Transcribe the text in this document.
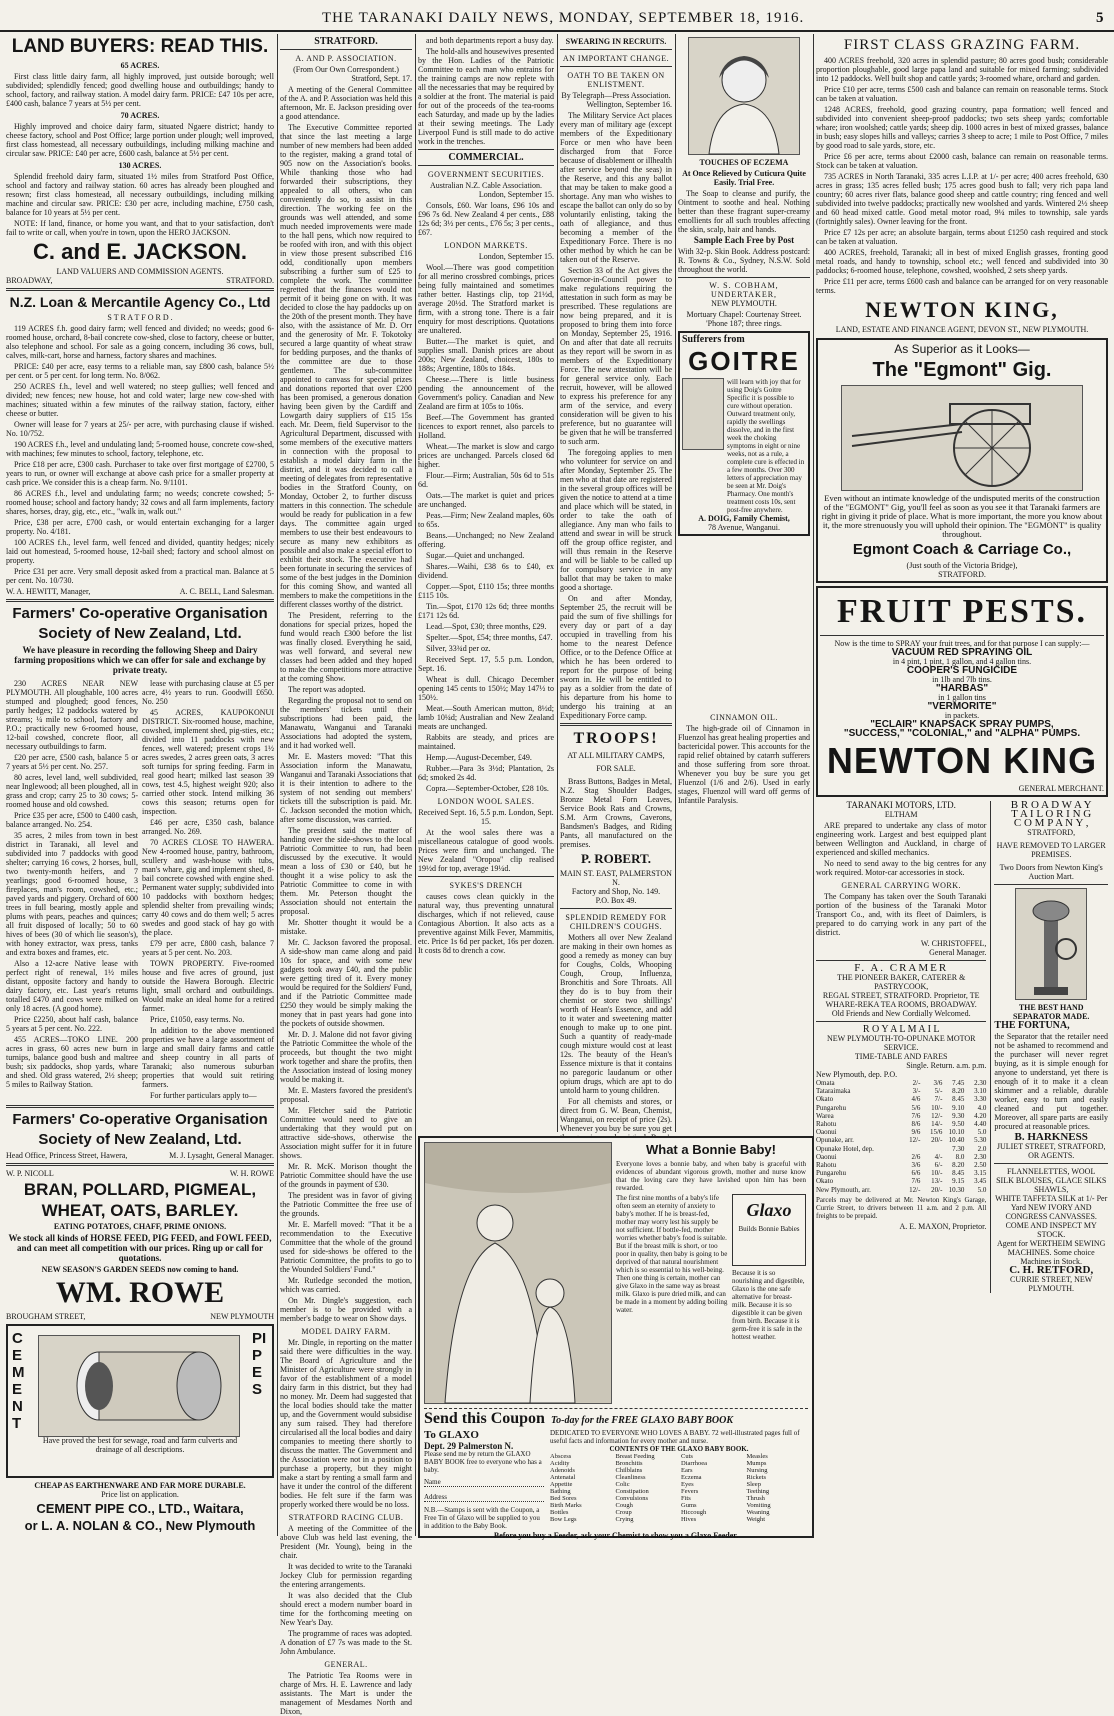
THE TARANAKI DAILY NEWS, MONDAY, SEPTEMBER 18, 1916.	5
LAND BUYERS: READ THIS.
65 ACRES.
First class little dairy farm, all highly improved, just outside borough; well subdivided; splendidly fenced; good dwelling house and outbuildings; handy to school, factory, and railway station. A model dairy farm. PRICE: £47 10s per acre, £400 cash, balance 7 years at 5½ per cent.
70 ACRES.
Highly improved and choice dairy farm, situated Ngaere district; handy to cheese factory, school and Post Office; large portion under plough; well improved, first class homestead, all necessary outbuildings, including milking machine and circular saw. PRICE: £40 per acre, £600 cash, balance at 5½ per cent.
130 ACRES.
Splendid freehold dairy farm, situated 1½ miles from Stratford Post Office, school and factory and railway station. 60 acres has already been ploughed and resown; first class homestead, all necessary outbuildings, including milking machine and circular saw. PRICE: £30 per acre, including machine, £750 cash, balance for 10 years at 5½ per cent.
NOTE: If land, finance, or home you want, and that to your satisfaction, don't fail to write or call, when you're in town, upon the HERO JACKSON.
C. and E. JACKSON.
LAND VALUERS AND COMMISSION AGENTS.
BROADWAY,	STRATFORD.
N.Z. Loan & Mercantile Agency Co., Ltd
S T R A T F O R D .
119 ACRES f.h. good dairy farm; well fenced and divided; no weeds; good 6-roomed house, orchard, 8-bail concrete cow-shed, close to factory, cheese or butter, also telephone and school. For sale as a going concern, including 36 cows, bull, calves, milk-cart, horse and harness, factory shares and machines.
PRICE: £40 per acre, easy terms to a reliable man, say £800 cash, balance 5½ per cent. or 5 per cent. for long term. No. 8/062.
250 ACRES f.h., level and well watered; no steep gullies; well fenced and divided; new fences; new house, hot and cold water; large new cow-shed with machines; situated within a few minutes of the railway station, factory, either cheese or butter.
Owner will lease for 7 years at 25/- per acre, with purchasing clause if wished. No. 10/752.
190 ACRES f.h., level and undulating land; 5-roomed house, concrete cow-shed, with machines; few minutes to school, factory, telephone, etc.
Price £18 per acre, £300 cash. Purchaser to take over first mortgage of £2700, 5 years to run, or owner will exchange at above cash price for a smaller property at cash price. We consider this is a cheap farm. No. 9/1101.
86 ACRES f.h., level and undulating farm; no weeds; concrete cowshed; 5-roomed house; school and factory handy; 32 cows and all farm implements, factory shares, horses, dray, gig, etc., etc., "walk in, walk out."
Price, £38 per acre, £700 cash, or would entertain exchanging for a larger property. No. 4/181.
100 ACRES f.h., level farm, well fenced and divided, quantity hedges; nicely laid out homestead, 5-roomed house, 12-bail shed; factory and school almost on property.
Price £31 per acre. Very small deposit asked from a practical man. Balance at 5 per cent. No. 10/730.
W. A. HEWITT, Manager,	A. C. BELL, Land Salesman.
Farmers' Co-operative Organisation
Society of New Zealand, Ltd.
We have pleasure in recording the following Sheep and Dairy farming propositions which we can offer for sale and exchange by private treaty.
230 ACRES NEAR NEW PLYMOUTH. All ploughable, 100 acres stumped and ploughed; good fences, partly hedges; 12 paddocks watered by streams; ¼ mile to school, factory and P.O.; practically new 6-roomed house, 12-bail cowshed, concrete floor, all necessary outbuildings to farm.
£20 per acre, £500 cash, balance 5 or 7 years at 5½ per cent. No. 257.
80 acres, level land, well subdivided, near Inglewood; all been ploughed, all in grass and crop; carry 25 to 30 cows; 5-roomed house and old cowshed.
Price £35 per acre, £500 to £400 cash, balance arranged. No. 254.
35 acres, 2 miles from town in best district in Taranaki, all level and subdivided into 7 paddocks with good shelter; carrying 16 cows, 2 horses, bull, two twenty-month heifers, and 7 yearlings; good 6-roomed house, 3 fireplaces, man's room, cowshed, etc.; paved yards and piggery. Orchard of 600 trees in full bearing, mostly apple and plums with pears, peaches and quinces; all fruit disposed of locally; 50 to 60 hives of bees (30 of which lie season's), with honey extractor, wax press, tanks and extra boxes and frames, etc.
Also a 12-acre Native lease with perfect right of renewal, 1½ miles distant, opposite factory and handy to dairy factory, etc. Last year's returns totalled £470 and cows were milked on only 18 acres. (A good home).
Price £2250, about half cash, balance 5 years at 5 per cent. No. 222.
455 ACRES—TOKO LINE. 200 acres in grass, 60 acres new burn in turnips, balance good bush and maltree bush; six paddocks, shop yards, whare and shed. Old grass watered, 2½ sheep; 5 miles to Railway Station.
lease with purchasing clause at £5 per acre, 4½ years to run. Goodwill £650. No. 250
45 ACRES, KAUPOKONUI DISTRICT. Six-roomed house, machine, cowshed, implement shed, pig-sties, etc.; divided into 11 paddocks with new fences, well watered; present crops 1½ acres swedes, 2 acres green oats, 3 acres soft turnips for spring feeding. Farm in real good heart; milked last season 39 cows, test 4.5, highest weight 920; also carried other stock. Intend milking 36 cows this season; returns open for inspection.
£46 per acre, £350 cash, balance arranged. No. 269.
70 ACRES CLOSE TO HAWERA. New 4-roomed house, pantry, bathroom, scullery and wash-house with tubs, man's whare, gig and implement shed, 8-bail concrete cowshed with engine shed. Permanent water supply; subdivided into 10 paddocks with boxthorn hedges; splendid shelter from prevailing winds; carry 40 cows and do them well; 5 acres swedes and good stack of hay go with the place.
£79 per acre, £800 cash, balance 7 years at 5 per cent. No. 203.
TOWN PROPERTY. Five-roomed house and five acres of ground, just outside the Hawera Borough. Electric light, small orchard and outbuildings. Would make an ideal home for a retired farmer.
Price, £1050, easy terms. No.
In addition to the above mentioned properties we have a large assortment of large and small dairy farms and cattle and sheep country in all parts of Taranaki; also numerous suburban properties that would suit retiring farmers.
For further particulars apply to—
Farmers' Co-operative Organisation
Society of New Zealand, Ltd.
Head Office, Princess Street, Hawera,	M. J. Lysaght, General Manager.
W. P. NICOLL	W. H. ROWE
BRAN, POLLARD, PIGMEAL,
WHEAT, OATS, BARLEY.
EATING POTATOES, CHAFF, PRIME ONIONS.
We stock all kinds of HORSE FEED, PIG FEED, and FOWL FEED, and can meet all competition with our prices. Ring up or call for quotations.
NEW SEASON'S GARDEN SEEDS now coming to hand.
WM. ROWE
BROUGHAM STREET,	NEW PLYMOUTH
CEMENT
PIPES
Have proved the best for sewage, road and farm culverts and drainage of all descriptions.
CHEAP AS EARTHENWARE AND FAR MORE DURABLE.
Price list on application.
CEMENT PIPE CO., LTD., Waitara,
or L. A. NOLAN & CO., New Plymouth
STRATFORD.
A. AND P. ASSOCIATION.
(From Our Own Correspondent.)
Stratford, Sept. 17.
A meeting of the General Committee of the A. and P. Association was held this afternoon, Mr. E. Jackson presiding over a good attendance.
The Executive Committee reported that since the last meeting a large number of new members had been added to the register, making a grand total of 905 now on the Association's books. While thanking those who had forwarded their subscriptions, they appealed to all others, who can conveniently do so, to assist in this direction. The working fee on the grounds was well attended, and some much needed improvements were made to the hall pens, which now required to be roofed with iron, and with this object in view those present subscribed £16 odd, conditionally upon members subscribing a further sum of £25 to complete the work. The committee regretted that the finances would not permit of it being gone on with. It was decided to close the hay paddocks up on the 20th of the present month. They have also, with the assistance of Mr. D. Orr and the generosity of Mr. F. Tokotoky secured a large quantity of wheat straw for bedding purposes, and the thanks of the committee are due to those gentlemen. The sub-committee appointed to canvass for special prizes and donations reported that over £200 has been promised, a generous donation having been given by the Cardiff and Lowgarth dairy suppliers of £15 15s each. Mr. Deem, field Supervisor to the Agricultural Department, discussed with some members of the executive matters in connection with the proposal to establish a model dairy farm in the district, and it was decided to call a meeting of delegates from representative bodies in the Stratford County, on Monday, October 2, to further discuss matters in this connection. The schedule would be ready for publication in a few days. The committee again urged members to use their best endeavours to secure as many new exhibitors as possible and also make a special effort to exhibit their stock. The executive had been fortunate in securing the services of some of the best judges in the Dominion for this coming Show, and wanted all members to make the competitions in the different classes worthy of the district.
The President, referring to the donations for special prizes, hoped the fund would reach £300 before the list was finally closed. Everything he said, was well forward, and several new classes had been added and they hoped to make the competitions more attractive at the coming Show.
The report was adopted.
Regarding the proposal not to send on the members' tickets until their subscriptions had been paid, the Manawatu, Wanganui and Taranaki Associations had adopted the system, and it had worked well.
Mr. E. Masters moved: "That this Association inform the Manawatu, Wanganui and Taranaki Associations that it is their intention to adhere to the system of not sending out members' tickets till the subscription is paid. Mr. C. Jackson seconded the motion which, after some discussion, was carried.
The president said the matter of handing over the side-shows to the local Patriotic Committee to run, had been discussed by the executive. It would mean a loss of £30 or £40, but he thought it a wise policy to ask the Patriotic Committee to come in with them. Mr. Peterson thought the Association should not entertain the proposal.
Mr. Shotter thought it would be a mistake.
Mr. C. Jackson favored the proposal. A side-show man came along and paid 10s for space, and with some new gadgets took away £40, and the public were getting tired of it. Every money would be required for the Soldiers' Fund, and if the Patriotic Committee made £250 they would be simply making the money that in past years had gone into the pockets of outside showmen.
Mr. D. J. Malone did not favor giving the Patriotic Committee the whole of the proceeds, but thought the two might work together and share the profits, then the Association instead of losing money would be making it.
Mr. E. Masters favored the president's proposal.
Mr. Fletcher said the Patriotic Committee would need to give an undertaking that they would put on attractive side-shows, otherwise the Association might suffer for it in future shows.
Mr. R. McK. Morison thought the Patriotic Committee should have the use of the grounds in payment of £30.
The president was in favor of giving the Patriotic Committee the free use of the grounds.
Mr. E. Marfell moved: "That it be a recommendation to the Executive Committee that the whole of the ground used for side-shows be offered to the Patriotic Committee, the profits to go to the Wounded Soldiers' Fund."
Mr. Rutledge seconded the motion, which was carried.
On Mr. Dingle's suggestion, each member is to be provided with a member's badge to wear on Show days.
MODEL DAIRY FARM.
Mr. Dingle, in reporting on the matter said there were difficulties in the way. The Board of Agriculture and the Minister of Agriculture were strongly in favor of the establishment of a model dairy farm in this district, but they had no money. Mr. Deem had suggested that the local bodies should take the matter up, and the Government would subsidise any sum raised. They had therefore circularised all the local bodies and dairy companies to meeting there shortly to discuss the matter. The Government and the Association were not in a position to purchase a property, but they might make a start by renting a small farm and have it under the control of the different bodies. He felt sure if the farm was properly worked there would be no loss.
STRATFORD RACING CLUB.
A meeting of the Committee of the above Club was held last evening, the President (Mr. Young), being in the chair.
It was decided to write to the Taranaki Jockey Club for permission regarding the entering arrangements.
It was also decided that the Club should erect a modern number board in time for the forthcoming meeting on New Year's Day.
The programme of races was adopted. A donation of £7 7s was made to the St. John Ambulance.
GENERAL.
The Patriotic Tea Rooms were in charge of Mrs. H. E. Lawrence and lady assistants. The Mart is under the management of Mesdames North and Dixon,
and both departments report a busy day.
The hold-alls and housewives presented by the Hon. Ladies of the Patriotic Committee to each man who entrains for the training camps are now replete with all the necessaries that may be required by a soldier at the front. The material is paid for out of the proceeds of the tea-rooms each Saturday, and made up by the ladies at their sewing meetings. The Lady Liverpool Fund is still made to do active work in the trenches.
COMMERCIAL.
GOVERNMENT SECURITIES.
Australian N.Z. Cable Association.
London, September 15.
Consols, £60. War loans, £96 10s and £96 7s 6d. New Zealand 4 per cents., £88 12s 6d; 3½ per cents., £76 5s; 3 per cents., £67.
LONDON MARKETS.
London, September 15.
Wool.—There was good competition for all merino crossbred combings, prices being fully maintained and sometimes rather better. Hastings clip, top 21½d, average 20½d. The Stratford market is firm, with a strong tone. There is a fair enquiry for most descriptions. Quotations are unaltered.
Butter.—The market is quiet, and supplies small. Danish prices are about 200s; New Zealand, choicest, 180s to 188s; Argentine, 180s to 184s.
Cheese.—There is little business pending the announcement of the Government's policy. Canadian and New Zealand are firm at 105s to 106s.
Beef.—The Government has granted licences to export rennet, also parcels to Holland.
Wheat.—The market is slow and cargo prices are unchanged. Parcels closed 6d higher.
Flour.—Firm; Australian, 50s 6d to 51s 6d.
Oats.—The market is quiet and prices are unchanged.
Peas.—Firm; New Zealand maples, 60s to 65s.
Beans.—Unchanged; no New Zealand offering.
Sugar.—Quiet and unchanged.
Shares.—Waihi, £38 6s to £40, ex dividend.
Copper.—Spot, £110 15s; three months £115 10s.
Tin.—Spot, £170 12s 6d; three months £171 12s 6d.
Lead.—Spot, £30; three months, £29.
Spelter.—Spot, £54; three months, £47.
Silver, 33¾d per oz.
Received Sept. 17, 5.5 p.m. London, Sept. 16.
Wheat is dull. Chicago December opening 145 cents to 150½; May 147½ to 150½.
Meat.—South American mutton, 8½d; lamb 10¼d; Australian and New Zealand meats are unchanged.
Rabbits are steady, and prices are maintained.
Hemp.—August-December, £49.
Rubber.—Para 3s 3½d; Plantation, 2s 6d; smoked 2s 4d.
Copra.—September-October, £28 10s.
LONDON WOOL SALES.
Received Sept. 16, 5.5 p.m. London, Sept. 15.
At the wool sales there was a miscellaneous catalogue of good wools. Prices were firm and unchanged. The New Zealand "Oropoa" clip realised 19½d for top, average 19¼d.
SYKES'S DRENCH
causes cows clean quickly in the natural way, thus preventing unnatural discharges, which if not relieved, cause Contagious Abortion. It also acts as a preventive against Milk Fever, Mammitis, etc. Price 1s 6d per packet, 16s per dozen. It costs 8d to drench a cow.
SWEARING IN RECRUITS.
AN IMPORTANT CHANGE.
OATH TO BE TAKEN ON ENLISTMENT.
By Telegraph—Press Association.
Wellington, September 16.
The Military Service Act places every man of military age (except members of the Expeditionary Force or men who have been discharged from that Force because of disablement or illhealth after service beyond the seas) in the Reserve, and this any ballot that may be taken to make good a shortage. Any man who wishes to escape the ballot can only do so by voluntarily enlisting, taking the oath of allegiance, and thus becoming a member of the Expeditionary Force. There is no other method by which he can be taken out of the Reserve.
Section 33 of the Act gives the Governor-in-Council power to make regulations requiring the attestation in such form as may be prescribed. These regulations are now being prepared, and it is proposed to bring them into force on Monday, September 25, 1916. On and after that date all recruits as they report will be sworn in as members of the Expeditionary Force. The new attestation will be for general service only. Each recruit, however, will be allowed to express his preference for any arm of the service, and every consideration will be given to his preference, but no guarantee will be given that he will be transferred to such arm.
The foregoing applies to men who volunteer for service on and after Monday, September 25. The men who at that date are registered in the several group offices will be given the notice to attend at a time and place which will be stated, in order to take the oath of allegiance. Any man who fails to attend and swear in will be struck off the group office register, and will thus remain in the Reserve and will be liable to be called up for compulsory service in any ballot that may be taken to make good a shortage.
On and after Monday, September 25, the recruit will be paid the sum of five shillings for every day or part of a day occupied in travelling from his home to the nearest Defence Office, or to the Defence Office at which he has been ordered to report for the purpose of being sworn in. He will be entitled to pay as a soldier from the date of his departure from his home to undergo his training at an Expeditionary Force camp.
TROOPS!
AT ALL MILITARY CAMPS,
FOR SALE.
Brass Buttons, Badges in Metal, N.Z. Stag Shoulder Badges, Bronze Metal Forn Leaves, Service Book Rats and Crowns, S.M. Arm Crowns, Caverons, Bandsmen's Badges, and Riding Pants, all manufactured on the premises.
P. ROBERT.
MAIN ST. EAST, PALMERSTON N.
Factory and Shop, No. 149.
P.O. Box 49.
SPLENDID REMEDY FOR CHILDREN'S COUGHS.
Mothers all over New Zealand are making in their own homes as good a remedy as money can buy for Coughs, Colds, Whooping Cough, Croup, Influenza, Bronchitis and Sore Throats. All they do is to buy from their chemist or store two shillings' worth of Hean's Essence, and add to it water and sweetening matter enough to make up to one pint. Such a quantity of ready-made cough mixture would cost at least 12s. The beauty of the Hean's Essence mixture is that it contains no paregoric laudanum or other opium drugs, which are apt to do untold harm to young children.
For all chemists and stores, or direct from G. W. Bean, Chemist, Wanganui, on receipt of price (2s). Whenever you buy be sure you get
TOUCHES OF ECZEMA
At Once Relieved by Cuticura Quite Easily. Trial Free.
The Soap to cleanse and purify, the Ointment to soothe and heal. Nothing better than these fragrant super-creamy emollients for all such troubles affecting the skin, scalp, hair and hands.
Sample Each Free by Post
With 32-p. Skin Book. Address postcard: R. Towns & Co., Sydney, N.S.W. Sold throughout the world.
W. S. COBHAM,
UNDERTAKER,
NEW PLYMOUTH.
Mortuary Chapel: Courtenay Street. 'Phone 187; three rings.
Sufferers from
GOITRE
will learn with joy that for using Doig's Goitre Specific it is possible to cure without operation. Outward treatment only, rapidly the swellings dissolve, and in the first week the choking symptoms in eight or nine weeks, not as a rule, a complete cure is effected in a few months. Over 300 letters of appreciation may be seen at Mr. Doig's Pharmacy. One month's treatment costs 10s, sent post-free anywhere.
A. DOIG, Family Chemist,
78 Avenue, Wanganui.
CINNAMON OIL.
The high-grade oil of Cinnamon in Fluenzol has great healing properties and bactericidal power. This accounts for the rapid relief obtained by catarrh sufferers and those suffering from sore throat. Whenever you buy be sure you get Fluenzol (1/6 and 2/6). Used in early stages, Fluenzol will ward off germs of Infantile Paralysis.
FIRST CLASS GRAZING FARM.
400 ACRES freehold, 320 acres in splendid pasture; 80 acres good bush; considerable proportion ploughable, good large papa land and suitable for mixed farming; subdivided into 12 paddocks. Well built shop and cattle yards; 3-roomed whare, orchard and garden.
Price £10 per acre, terms £500 cash and balance can remain on reasonable terms. Stock can be taken at valuation.
1248 ACRES, freehold, good grazing country, papa formation; well fenced and subdivided into convenient sheep-proof paddocks; two sets sheep yards; comfortable whare; iron woolshed; cattle yards; sheep dip. 1000 acres in best of mixed grasses, balance in bush; easy slopes hills and valleys; carries 3 sheep to acre; 1 mile to Post Office, 7 miles by good road to sale yards, store, etc.
Price £6 per acre, terms about £2000 cash, balance can remain on reasonable terms. Stock can be taken at valuation.
735 ACRES in North Taranaki, 335 acres L.I.P. at 1/- per acre; 400 acres freehold, 630 acres in grass; 135 acres felled bush; 175 acres good bush to fall; very rich papa land country; 60 acres river flats, balance good sheep and cattle country; ring fenced and well subdivided into twelve paddocks; practically new woolshed and yards. Wintered 2½ sheep and 60 head mixed cattle. Good metal motor road, 9¼ miles to township, sale yards (fortnightly sales). Owner leaving for the front.
Price £7 12s per acre; an absolute bargain, terms about £1250 cash required and stock can be taken at valuation.
400 ACRES, freehold, Taranaki; all in best of mixed English grasses, fronting good metal roads, and handy to township, school etc.; well fenced and subdivided into 30 paddocks; 6-roomed house, telephone, cowshed, woolshed, 2 sets sheep yards.
Price £11 per acre, terms £600 cash and balance can be arranged for on very reasonable terms.
NEWTON KING,
LAND, ESTATE AND FINANCE AGENT, DEVON ST., NEW PLYMOUTH.
As Superior as it Looks—
The "Egmont" Gig.
Even without an intimate knowledge of the undisputed merits of the construction of the "EGMONT" Gig, you'll feel as soon as you see it that Taranaki farmers are right in giving it pride of place. What is more important, the more you know about it, the more strenuously you will uphold their opinion. The "EGMONT" is quality throughout.
Egmont Coach & Carriage Co.,
(Just south of the Victoria Bridge),
STRATFORD.
FRUIT PESTS.
Now is the time to SPRAY your fruit trees, and for that purpose I can supply:—
VACUUM RED SPRAYING OIL
in 4 pint, 1 pint, 1 gallon, and 4 gallon tins.
COOPER'S FUNGICIDE
in 1lb and 7lb tins.
"HARBAS"
in 1 gallon tins
"VERMORITE"
in packets.
"ECLAIR" KNAPSACK SPRAY PUMPS,
"SUCCESS," "COLONIAL," and "ALPHA" PUMPS.
NEWTON KING
GENERAL MERCHANT.
TARANAKI MOTORS, LTD.
ELTHAM
ARE prepared to undertake any class of motor engineering work. Largest and best equipped plant between Wellington and Auckland, in charge of experienced and skilled mechanics.
No need to send away to the big centres for any work required. Motor-car accessories in stock.
GENERAL CARRYING WORK.
The Company has taken over the South Taranaki portion of the business of the Taranaki Motor Transport Co., and, with its fleet of Daimlers, is prepared to do carrying work in any part of the district.
W. CHRISTOFFEL,
General Manager.
F. A. CRAMER
THE PIONEER BAKER, CATERER & PASTRYCOOK,
REGAL STREET, STRATFORD. Proprietor, TE WHARE-REKA TEA ROOMS, BROADWAY.
Old Friends and New Cordially Welcomed.
R O Y A L M A I L
NEW PLYMOUTH-TO-OPUNAKE MOTOR SERVICE.
TIME-TABLE AND FARES
Single. Return. a.m. p.m.
New Plymouth, dep. P.O.
Omata	2/-	3/6	7.45	2.30
Tataraimaka	3/-	5/-	8.20	3.10
Okato	4/6	7/-	8.45	3.30
Pungarehu	5/6	10/-	9.10	4.0
Warea	7/6	12/-	9.30	4.20
Rahotu	8/6	14/-	9.50	4.40
Oaonui	9/6	15/6 10.10	5.0
Opunake, arr.	12/-	20/- 10.40	5.30
Opunake Hotel, dep.	7.30	2.0
Oaonui	2/6	4/-	8.0	2.30
Rahotu	3/6	6/-	8.20	2.50
Pungarehu	6/6	10/-	8.45	3.15
Okato	7/6	13/-	9.15	3.45
New Plymouth, arr.	12/-	20/- 10.30	5.0
Parcels may be delivered at Mr. Newton King's Garage, Currie Street, to drivers between 11 a.m. and 2 p.m. All freights to be prepaid.
A. E. MAXON, Proprietor.
B R O A D W A Y
T A I L O R I N G
C O M P A N Y ,
STRATFORD,
HAVE REMOVED TO LARGER PREMISES.
Two Doors from Newton King's Auction Mart.
THE BEST HAND SEPARATOR MADE.
THE FORTUNA,
the Separator that the retailer need not be ashamed to recommend and the purchaser will never regret buying, as it is simple enough for anyone to understand, yet there is enough of it to make it a clean skimmer and a reliable, durable worker, easy to turn and easily cleaned and put together. Moreover, all spare parts are easily procured at reasonable prices.
B. HARKNESS
JULIET STREET, STRATFORD, OR AGENTS.
FLANNELETTES, WOOL
SILK BLOUSES, GLACE SILKS SHAWLS,
WHITE TAFFETA SILK at 1/- Per Yard NEW IVORY AND CONGRESS CANVASSES.
COME AND INSPECT MY STOCK.
Agent for WERTHEIM SEWING MACHINES. Some choice Machines in Stock.
C. H. RETFORD,
CURRIE STREET, NEW PLYMOUTH.
What a Bonnie Baby!
Everyone loves a bonnie baby, and when baby is graceful with evidences of abundant vigorous growth, mother and nurse know that the loving care they have lavished upon him has been rewarded.
The first nine months of a baby's life often seem an eternity of anxiety to baby's mother. If he is breast-fed, mother may worry lest his supply be not sufficient. If bottle-fed, mother worries whether baby's food is suitable. But if the breast milk is short, or too poor in quality, then baby is going to be deprived of that natural nourishment which is so essential to his well-being. Then one thing is certain, mother can give Glaxo in the same way as breast milk. Glaxo is pure dried milk, and can be made in a moment by adding boiling water.
Glaxo
Builds Bonnie Babies
Because it is so nourishing and digestible, Glaxo is the one safe alternative for breast-milk. Because it is so digestible it can be given from birth. Because it is germ-free it is safe in the hottest weather.
Send this Coupon To-day for the FREE GLAXO BABY BOOK
To GLAXO
Dept. 29 Palmerston N.
Please send me by return the GLAXO BABY BOOK free to everyone who has a baby.
Name
Address
N.B.—Stamps is sent with the Coupon, a Free Tin of Glaxo will be supplied to you in addition to the Baby Book.
DEDICATED TO EVERYONE WHO LOVES A BABY. 72 well-illustrated pages full of useful facts and information for every mother and nurse.
CONTENTS OF THE GLAXO BABY BOOK.
Abscess
Acidity
Adenoids
Antenatal
Appetite
Bathing
Bed Sores
Birth Marks
Bottles
Bow Legs
Breast Feeding
Bronchitis
Chilblains
Cleanliness
Colic
Constipation
Convulsions
Cough
Croup
Crying
Cuts
Diarrhoea
Ears
Eczema
Eyes
Fevers
Fits
Gums
Hiccough
Hives
Measles
Mumps
Nursing
Rickets
Sleep
Teething
Thrush
Vomiting
Weaning
Weight
Before you buy a Feeder, ask your Chemist to show you a Glaxo Feeder.
